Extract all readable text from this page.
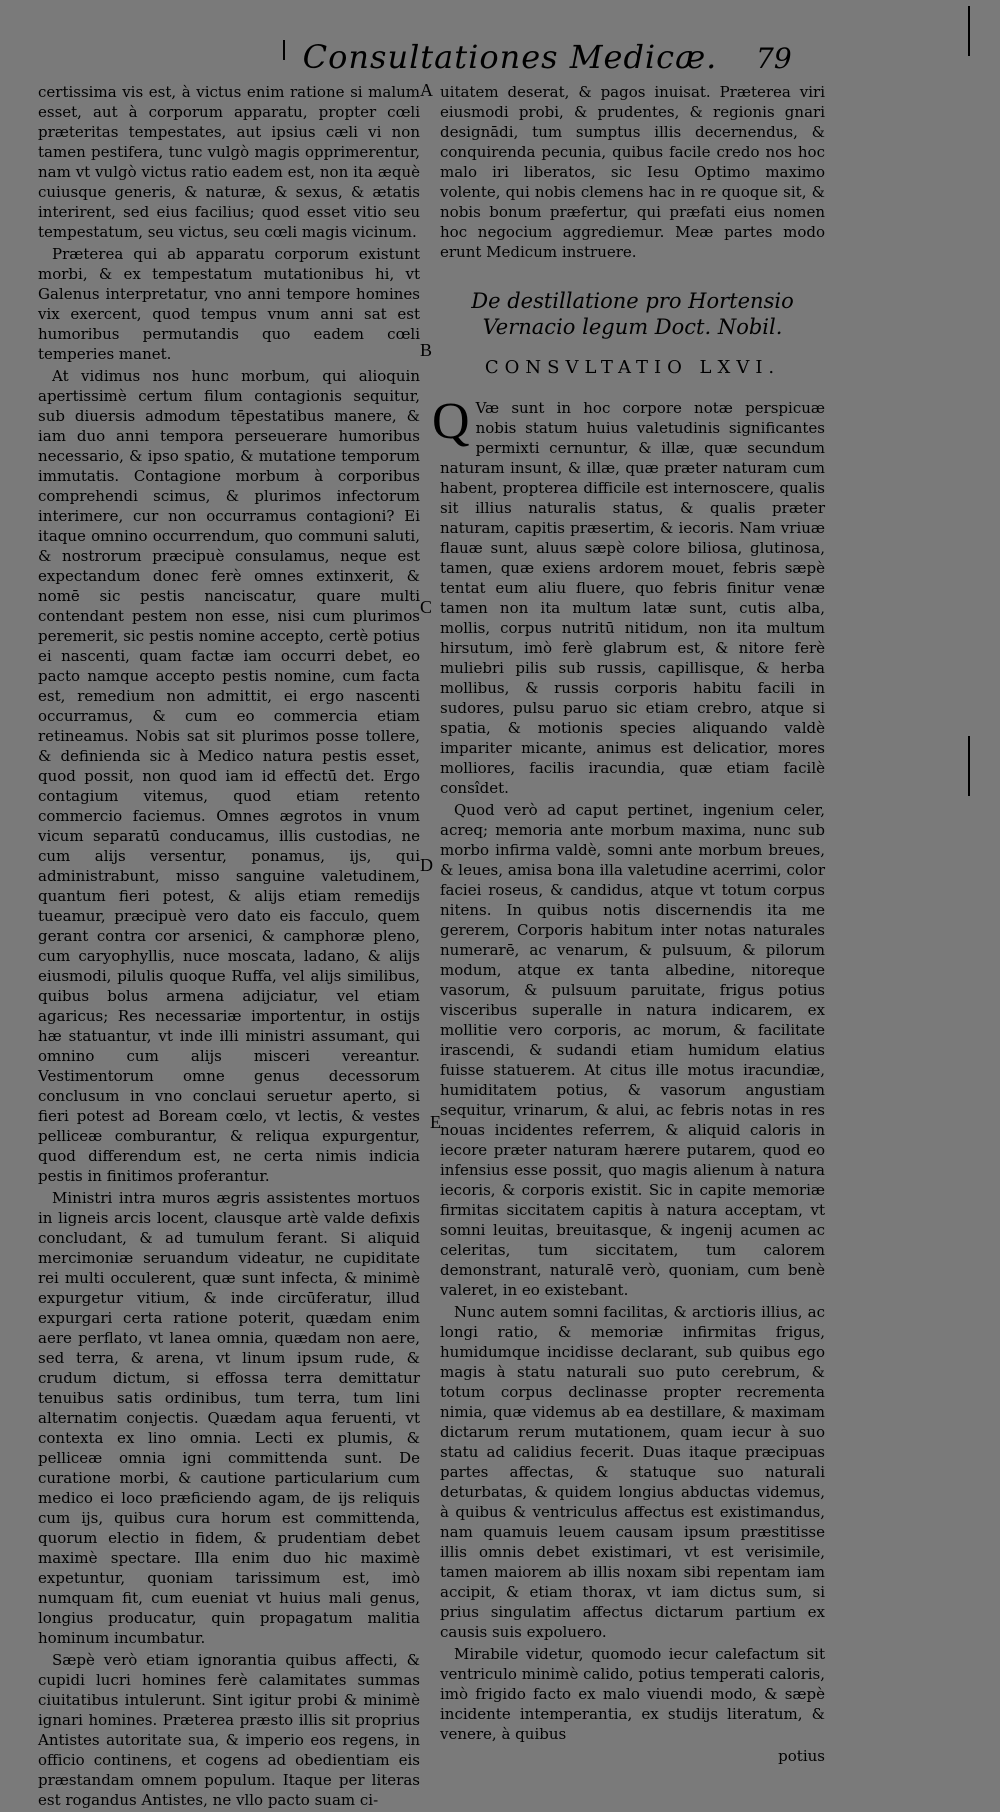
Consultationes Medicæ. 79
A
B
C
D
E

certissima vis est, à victus enim ratione si malum esset, aut à corporum apparatu, propter cœli præteritas tempestates, aut ipsius cæli vi non tamen pestifera, tunc vulgò magis opprimerentur, nam vt vulgò victus ratio eadem est, non ita æquè cuiusque generis, & naturæ, & sexus, & ætatis interirent, sed eius facilius; quod esset vitio seu tempestatum, seu victus, seu cœli magis vicinum.

Præterea qui ab apparatu corporum existunt morbi, & ex tempestatum mutationibus hi, vt Galenus interpretatur, vno anni tempore homines vix exercent, quod tempus vnum anni sat est humoribus permutandis quo eadem cœli temperies manet.

At vidimus nos hunc morbum, qui alioquin apertissimè certum filum contagionis sequitur, sub diuersis admodum tēpestatibus manere, & iam duo anni tempora perseuerare humoribus necessario, & ipso spatio, & mutatione temporum immutatis. Contagione morbum à corporibus comprehendi scimus, & plurimos infectorum interimere, cur non occurramus contagioni? Ei itaque omnino occurrendum, quo communi saluti, & nostrorum præcipuè consulamus, neque est expectandum donec ferè omnes extinxerit, & nomē sic pestis nanciscatur, quare multi contendant pestem non esse, nisi cum plurimos peremerit, sic pestis nomine accepto, certè potius ei nascenti, quam factæ iam occurri debet, eo pacto namque accepto pestis nomine, cum facta est, remedium non admittit, ei ergo nascenti occurramus, & cum eo commercia etiam retineamus. Nobis sat sit plurimos posse tollere, & definienda sic à Medico natura pestis esset, quod possit, non quod iam id effectū det. Ergo contagium vitemus, quod etiam retento commercio faciemus. Omnes ægrotos in vnum vicum separatū conducamus, illis custodias, ne cum alijs versentur, ponamus, ijs, qui administrabunt, misso sanguine valetudinem, quantum fieri potest, & alijs etiam remedijs tueamur, præcipuè vero dato eis facculo, quem gerant contra cor arsenici, & camphoræ pleno, cum caryophyllis, nuce moscata, ladano, & alijs eiusmodi, pilulis quoque Ruffa, vel alijs similibus, quibus bolus armena adijciatur, vel etiam agaricus; Res necessariæ importentur, in ostijs hæ statuantur, vt inde illi ministri assumant, qui omnino cum alijs misceri vereantur. Vestimentorum omne genus decessorum conclusum in vno conclaui seruetur aperto, si fieri potest ad Boream cœlo, vt lectis, & vestes pelliceæ comburantur, & reliqua expurgentur, quod differendum est, ne certa nimis indicia pestis in finitimos proferantur.

Ministri intra muros ægris assistentes mortuos in ligneis arcis locent, clausque artè valde defixis concludant, & ad tumulum ferant. Si aliquid mercimoniæ seruandum videatur, ne cupiditate rei multi occulerent, quæ sunt infecta, & minimè expurgetur vitium, & inde circūferatur, illud expurgari certa ratione poterit, quædam enim aere perflato, vt lanea omnia, quædam non aere, sed terra, & arena, vt linum ipsum rude, & crudum dictum, si effossa terra demittatur tenuibus satis ordinibus, tum terra, tum lini alternatim conjectis. Quædam aqua feruenti, vt contexta ex lino omnia. Lecti ex plumis, & pelliceæ omnia igni committenda sunt. De curatione morbi, & cautione particularium cum medico ei loco præficiendo agam, de ijs reliquis cum ijs, quibus cura horum est committenda, quorum electio in fidem, & prudentiam debet maximè spectare. Illa enim duo hic maximè expetuntur, quoniam tarissimum est, imò numquam fit, cum eueniat vt huius mali genus, longius producatur, quin propagatum malitia hominum incumbatur.

Sæpè verò etiam ignorantia quibus affecti, & cupidi lucri homines ferè calamitates summas ciuitatibus intulerunt. Sint igitur probi & minimè ignari homines. Præterea præsto illis sit proprius Antistes autoritate sua, & imperio eos regens, in officio continens, et cogens ad obedientiam eis præstandam omnem populum. Itaque per literas est rogandus Antistes, ne vllo pacto suam ci-

uitatem deserat, & pagos inuisat. Præterea viri eiusmodi probi, & prudentes, & regionis gnari designādi, tum sumptus illis decernendus, & conquirenda pecunia, quibus facile credo nos hoc malo iri liberatos, sic Iesu Optimo maximo volente, qui nobis clemens hac in re quoque sit, & nobis bonum præfertur, qui præfati eius nomen hoc negocium aggrediemur. Meæ partes modo erunt Medicum instruere.

De destillatione pro Hortensio Vernacio legum Doct. Nobil.
CONSVLTATIO LXVI.

Q Væ sunt in hoc corpore notæ perspicuæ nobis statum huius valetudinis significantes permixti cernuntur, & illæ, quæ secundum naturam insunt, & illæ, quæ præter naturam cum habent, propterea difficile est internoscere, qualis sit illius naturalis status, & qualis præter naturam, capitis præsertim, & iecoris. Nam vriuæ flauæ sunt, aluus sæpè colore biliosa, glutinosa, tamen, quæ exiens ardorem mouet, febris sæpè tentat eum aliu fluere, quo febris finitur venæ tamen non ita multum latæ sunt, cutis alba, mollis, corpus nutritū nitidum, non ita multum hirsutum, imò ferè glabrum est, & nitore ferè muliebri pilis sub russis, capillisque, & herba mollibus, & russis corporis habitu facili in sudores, pulsu paruo sic etiam crebro, atque si spatia, & motionis species aliquando valdè impariter micante, animus est delicatior, mores molliores, facilis iracundia, quæ etiam facilè consîdet.

Quod verò ad caput pertinet, ingenium celer, acreq; memoria ante morbum maxima, nunc sub morbo infirma valdè, somni ante morbum breues, & leues, amisa bona illa valetudine acerrimi, color faciei roseus, & candidus, atque vt totum corpus nitens. In quibus notis discernendis ita me gererem, Corporis habitum inter notas naturales numerarē, ac venarum, & pulsuum, & pilorum modum, atque ex tanta albedine, nitoreque vasorum, & pulsuum paruitate, frigus potius visceribus superalle in natura indicarem, ex mollitie vero corporis, ac morum, & facilitate irascendi, & sudandi etiam humidum elatius fuisse statuerem. At citus ille motus iracundiæ, humiditatem potius, & vasorum angustiam sequitur, vrinarum, & alui, ac febris notas in res nouas incidentes referrem, & aliquid caloris in iecore præter naturam hærere putarem, quod eo infensius esse possit, quo magis alienum à natura iecoris, & corporis existit. Sic in capite memoriæ firmitas siccitatem capitis à natura acceptam, vt somni leuitas, breuitasque, & ingenij acumen ac celeritas, tum siccitatem, tum calorem demonstrant, naturalē verò, quoniam, cum benè valeret, in eo existebant.

Nunc autem somni facilitas, & arctioris illius, ac longi ratio, & memoriæ infirmitas frigus, humidumque incidisse declarant, sub quibus ego magis à statu naturali suo puto cerebrum, & totum corpus declinasse propter recrementa nimia, quæ videmus ab ea destillare, & maximam dictarum rerum mutationem, quam iecur à suo statu ad calidius fecerit. Duas itaque præcipuas partes affectas, & statuque suo naturali deturbatas, & quidem longius abductas videmus, à quibus & ventriculus affectus est existimandus, nam quamuis leuem causam ipsum præstitisse illis omnis debet existimari, vt est verisimile, tamen maiorem ab illis noxam sibi repentam iam accipit, & etiam thorax, vt iam dictus sum, si prius singulatim affectus dictarum partium ex causis suis expoluero.

Mirabile videtur, quomodo iecur calefactum sit ventriculo minimè calido, potius temperati caloris, imò frigido facto ex malo viuendi modo, & sæpè incidente intemperantia, ex studijs literatum, & venere, à quibus

potius
